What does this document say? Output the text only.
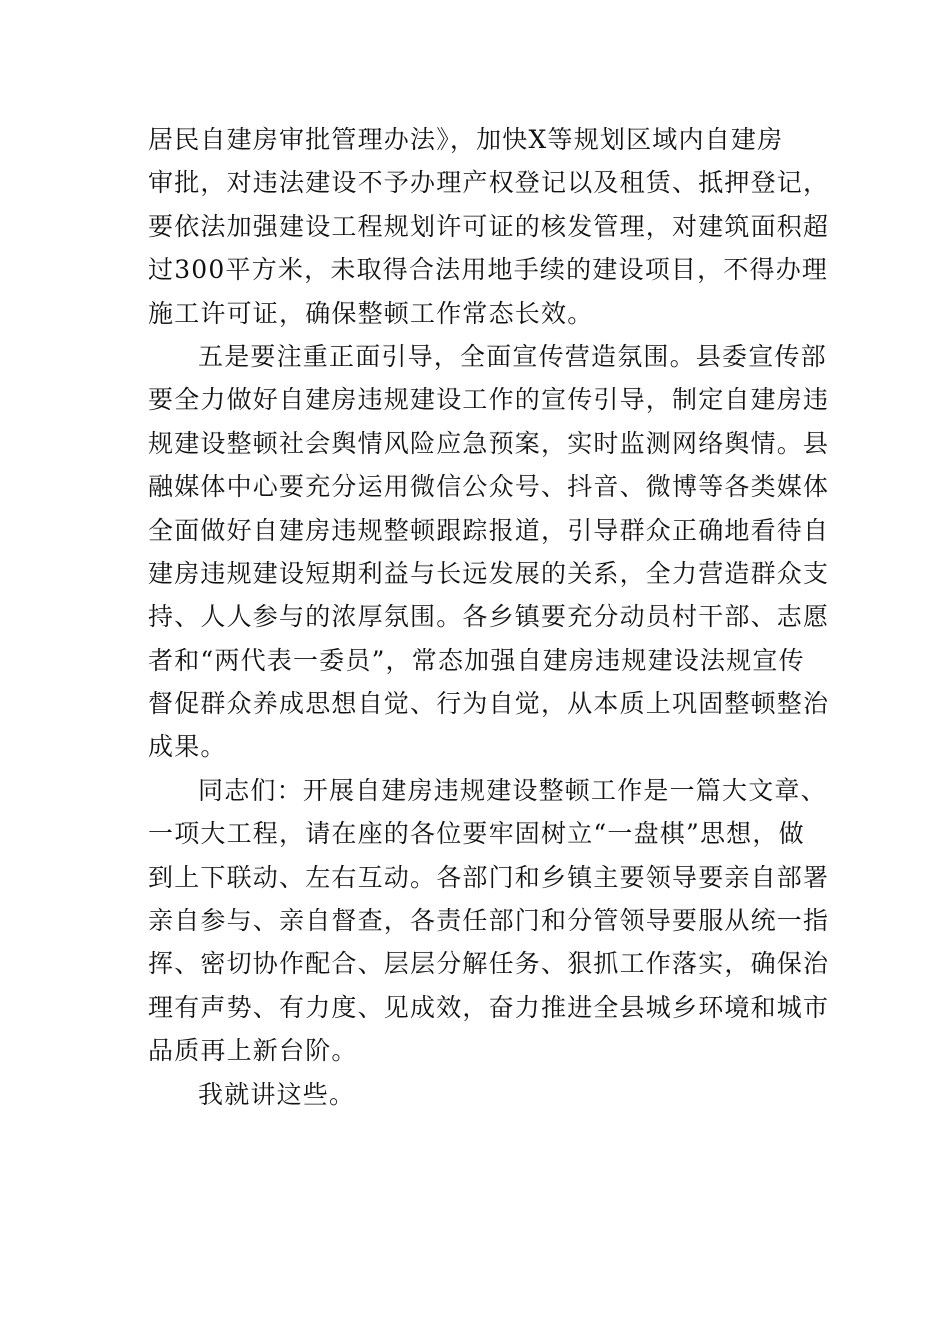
居民自建房审批管理办法》，加快X等规划区域内自建房
审批，对违法建设不予办理产权登记以及租赁、抵押登记，
要依法加强建设工程规划许可证的核发管理，对建筑面积超
过300平方米，未取得合法用地手续的建设项目，不得办理
施工许可证，确保整顿工作常态长效。
五是要注重正面引导，全面宣传营造氛围。县委宣传部
要全力做好自建房违规建设工作的宣传引导，制定自建房违
规建设整顿社会舆情风险应急预案，实时监测网络舆情。县
融媒体中心要充分运用微信公众号、抖音、微博等各类媒体
全面做好自建房违规整顿跟踪报道，引导群众正确地看待自
建房违规建设短期利益与长远发展的关系，全力营造群众支
持、人人参与的浓厚氛围。各乡镇要充分动员村干部、志愿
者和“两代表一委员”，常态加强自建房违规建设法规宣传
督促群众养成思想自觉、行为自觉，从本质上巩固整顿整治
成果。
同志们：开展自建房违规建设整顿工作是一篇大文章、
一项大工程，请在座的各位要牢固树立“一盘棋”思想，做
到上下联动、左右互动。各部门和乡镇主要领导要亲自部署
亲自参与、亲自督查，各责任部门和分管领导要服从统一指
挥、密切协作配合、层层分解任务、狠抓工作落实，确保治
理有声势、有力度、见成效，奋力推进全县城乡环境和城市
品质再上新台阶。
我就讲这些。
